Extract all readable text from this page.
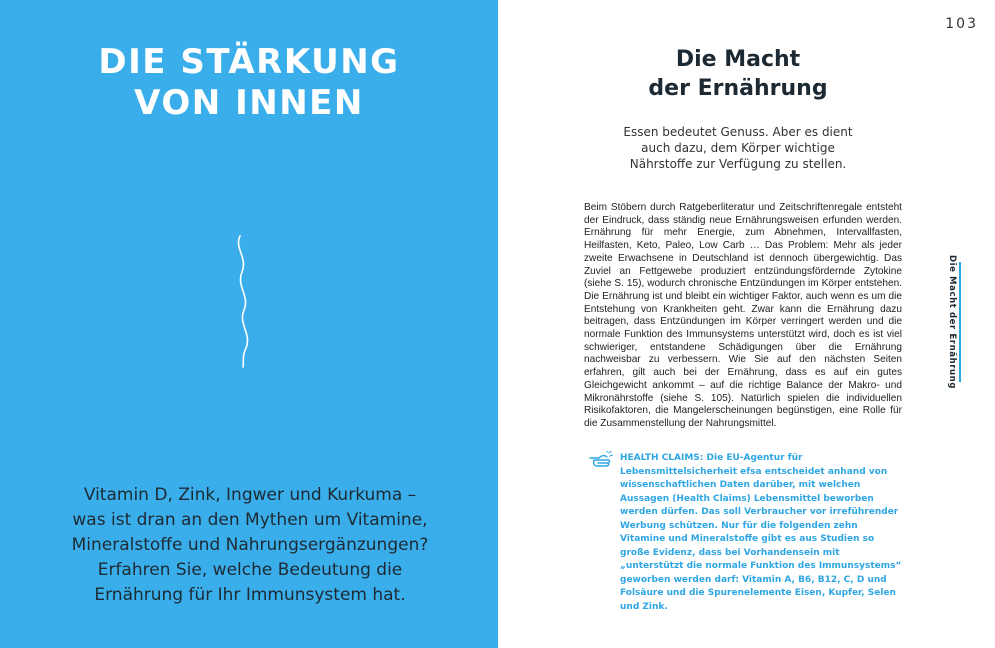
DIE STÄRKUNG
VON INNEN

Vitamin D, Zink, Ingwer und Kurkuma – was ist dran an den Mythen um Vitamine, Mineralstoffe und Nahrungsergänzungen? Erfahren Sie, welche Bedeutung die Ernährung für Ihr Immunsystem hat.

103
Die Macht
der Ernährung

Essen bedeutet Genuss. Aber es dient auch dazu, dem Körper wichtige Nährstoffe zur Verfügung zu stellen.

Beim Stöbern durch Ratgeberliteratur und Zeitschriftenregale entsteht der Eindruck, dass ständig neue Ernährungsweisen erfunden werden. Ernährung für mehr Energie, zum Abnehmen, Intervallfasten, Heilfasten, Keto, Paleo, Low Carb … Das Problem: Mehr als jeder zweite Erwachsene in Deutschland ist dennoch übergewichtig. Das Zuviel an Fettgewebe produziert entzündungsfördernde Zytokine (siehe S. 15), wodurch chronische Entzündungen im Körper entstehen. Die Ernährung ist und bleibt ein wichtiger Faktor, auch wenn es um die Entstehung von Krankheiten geht. Zwar kann die Ernährung dazu beitragen, dass Entzündungen im Körper verringert werden und die normale Funktion des Immunsystems unterstützt wird, doch es ist viel schwieriger, entstandene Schädigungen über die Ernährung nachweisbar zu verbessern. Wie Sie auf den nächsten Seiten erfahren, gilt auch bei der Ernährung, dass es auf ein gutes Gleichgewicht ankommt – auf die richtige Balance der Makro- und Mikronährstoffe (siehe S. 105). Natürlich spielen die individuellen Risikofaktoren, die Mangelerscheinungen begünstigen, eine Rolle für die Zusammenstellung der Nahrungsmittel.

HEALTH CLAIMS: Die EU-Agentur für Lebensmittelsicherheit efsa entscheidet anhand von wissenschaftlichen Daten darüber, mit welchen Aussagen (Health Claims) Lebensmittel beworben werden dürfen. Das soll Verbraucher vor irreführender Werbung schützen. Nur für die folgenden zehn Vitamine und Mineralstoffe gibt es aus Studien so große Evidenz, dass bei Vorhandensein mit „unterstützt die normale Funktion des Immunsystems“ geworben werden darf: Vitamin A, B6, B12, C, D und Folsäure und die Spurenelemente Eisen, Kupfer, Selen und Zink.

Die Macht der Ernährung
